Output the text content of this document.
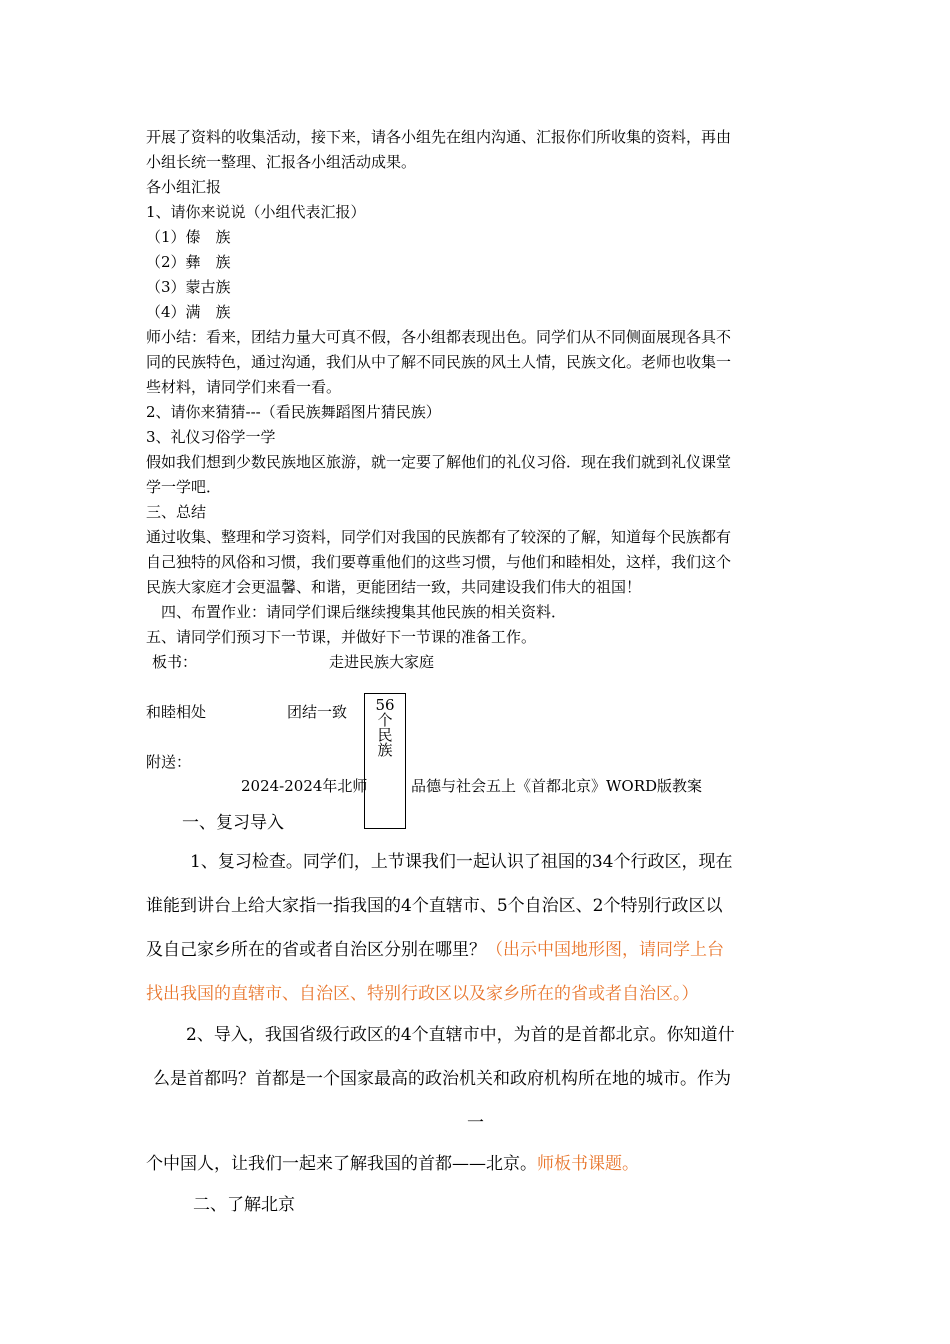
开展了资料的收集活动，接下来，请各小组先在组内沟通、汇报你们所收集的资料，再由
小组长统一整理、汇报各小组活动成果。
各小组汇报
1、请你来说说（小组代表汇报）
（1）傣　族
（2）彝　族
（3）蒙古族
（4）满　族
师小结：看来，团结力量大可真不假，各小组都表现出色。同学们从不同侧面展现各具不
同的民族特色，通过沟通，我们从中了解不同民族的风土人情，民族文化。老师也收集一
些材料，请同学们来看一看。
2、请你来猜猜---（看民族舞蹈图片猜民族）
3、礼仪习俗学一学
假如我们想到少数民族地区旅游，就一定要了解他们的礼仪习俗．现在我们就到礼仪课堂
学一学吧．
三、总结
通过收集、整理和学习资料，同学们对我国的民族都有了较深的了解，知道每个民族都有
自己独特的风俗和习惯，我们要尊重他们的这些习惯，与他们和睦相处，这样，我们这个
民族大家庭才会更温馨、和谐，更能团结一致，共同建设我们伟大的祖国！
　四、布置作业：请同学们课后继续搜集其他民族的相关资料．
五、请同学们预习下一节课，并做好下一节课的准备工作。
板书：	走进民族大家庭
和睦相处	团结一致	56
个
民
族
附送：
2024-2024年北师	品德与社会五上《首都北京》WORD版教案
一、复习导入
1、复习检查。同学们，上节课我们一起认识了祖国的34个行政区，现在
谁能到讲台上给大家指一指我国的4个直辖市、5个自治区、2个特别行政区以
及自己家乡所在的省或者自治区分别在哪里？（出示中国地形图，请同学上台
找出我国的直辖市、自治区、特别行政区以及家乡所在的省或者自治区。）
2、导入，我国省级行政区的4个直辖市中，为首的是首都北京。你知道什
么是首都吗？首都是一个国家最高的政治机关和政府机构所在地的城市。作为
一
个中国人，让我们一起来了解我国的首都——北京。师板书课题。
二、了解北京
